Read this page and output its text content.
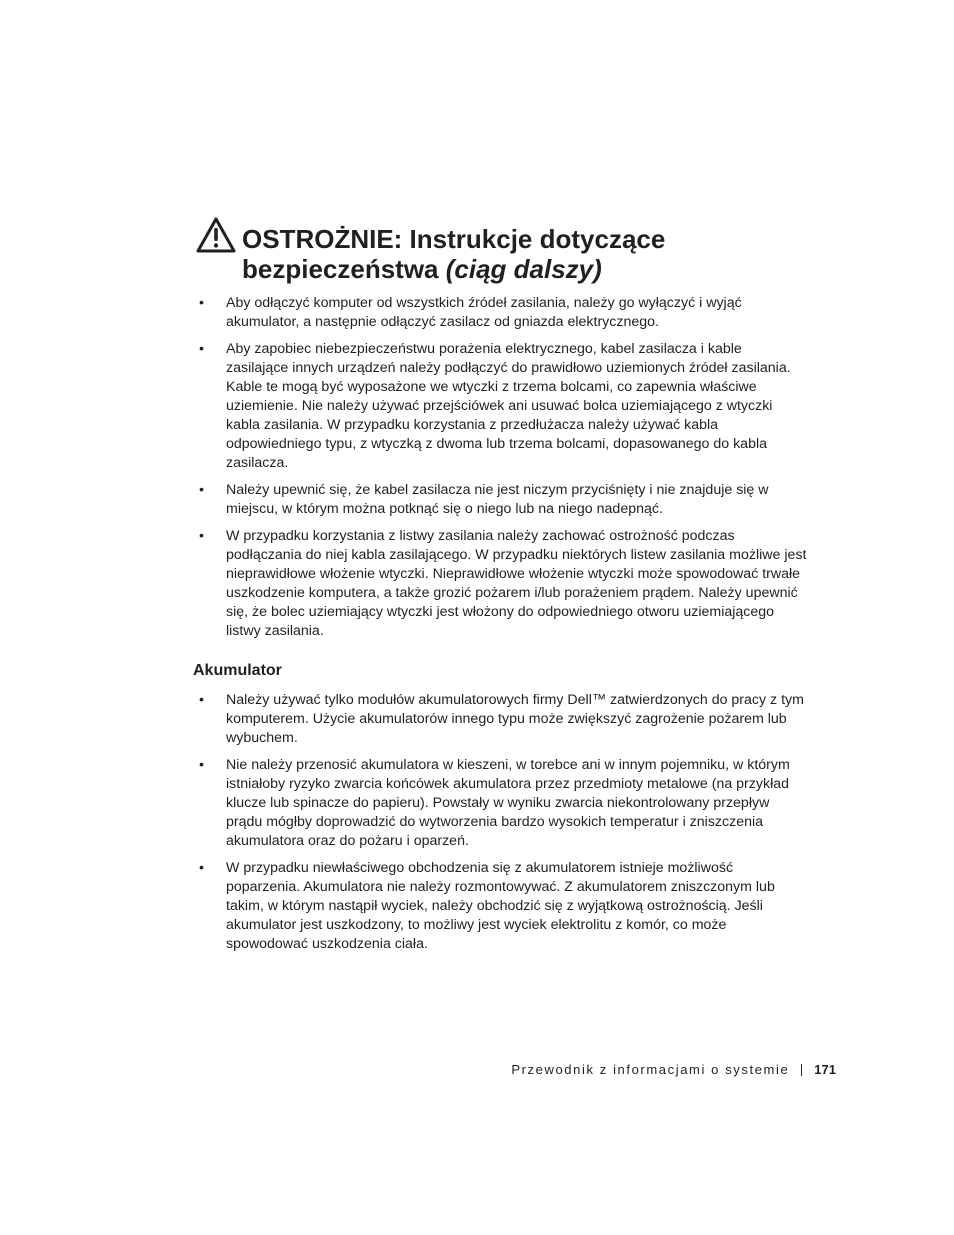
OSTROŻNIE: Instrukcje dotyczące bezpieczeństwa (ciąg dalszy)
• Aby odłączyć komputer od wszystkich źródeł zasilania, należy go wyłączyć i wyjąć akumulator, a następnie odłączyć zasilacz od gniazda elektrycznego.
• Aby zapobiec niebezpieczeństwu porażenia elektrycznego, kabel zasilacza i kable zasilające innych urządzeń należy podłączyć do prawidłowo uziemionych źródeł zasilania. Kable te mogą być wyposażone we wtyczki z trzema bolcami, co zapewnia właściwe uziemienie. Nie należy używać przejściówek ani usuwać bolca uziemiającego z wtyczki kabla zasilania. W przypadku korzystania z przedłużacza należy używać kabla odpowiedniego typu, z wtyczką z dwoma lub trzema bolcami, dopasowanego do kabla zasilacza.
• Należy upewnić się, że kabel zasilacza nie jest niczym przyciśnięty i nie znajduje się w miejscu, w którym można potknąć się o niego lub na niego nadepnąć.
• W przypadku korzystania z listwy zasilania należy zachować ostrożność podczas podłączania do niej kabla zasilającego. W przypadku niektórych listew zasilania możliwe jest nieprawidłowe włożenie wtyczki. Nieprawidłowe włożenie wtyczki może spowodować trwałe uszkodzenie komputera, a także grozić pożarem i/lub porażeniem prądem. Należy upewnić się, że bolec uziemiający wtyczki jest włożony do odpowiedniego otworu uziemiającego listwy zasilania.
Akumulator
• Należy używać tylko modułów akumulatorowych firmy Dell™ zatwierdzonych do pracy z tym komputerem. Użycie akumulatorów innego typu może zwiększyć zagrożenie pożarem lub wybuchem.
• Nie należy przenosić akumulatora w kieszeni, w torebce ani w innym pojemniku, w którym istniałoby ryzyko zwarcia końcówek akumulatora przez przedmioty metalowe (na przykład klucze lub spinacze do papieru). Powstały w wyniku zwarcia niekontrolowany przepływ prądu mógłby doprowadzić do wytworzenia bardzo wysokich temperatur i zniszczenia akumulatora oraz do pożaru i oparzeń.
• W przypadku niewłaściwego obchodzenia się z akumulatorem istnieje możliwość poparzenia. Akumulatora nie należy rozmontowywać. Z akumulatorem zniszczonym lub takim, w którym nastąpił wyciek, należy obchodzić się z wyjątkową ostrożnością. Jeśli akumulator jest uszkodzony, to możliwy jest wyciek elektrolitu z komór, co może spowodować uszkodzenia ciała.
Przewodnik z informacjami o systemie 171
